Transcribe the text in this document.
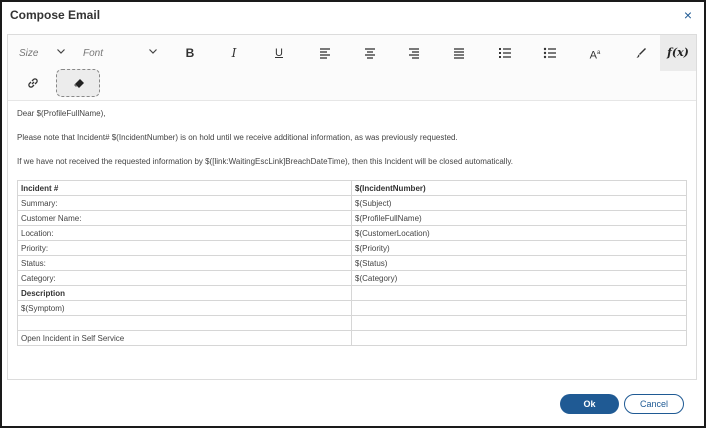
Compose Email	×
Size	Font	B	I	U	$A^a$	f(x)
Dear $(ProfileFullName),
Please note that Incident# $(IncidentNumber) is on hold until we receive additional information, as was previously requested.
If we have not received the requested information by $([link:WaitingEscLink]BreachDateTime), then this Incident will be closed automatically.
Incident #	$(IncidentNumber)
Summary:	$(Subject)
Customer Name:	$(ProfileFullName)
Location:	$(CustomerLocation)
Priority:	$(Priority)
Status:	$(Status)
Category:	$(Category)
Description	
$(Symptom)	

Open Incident in Self Service	
Ok	Cancel
